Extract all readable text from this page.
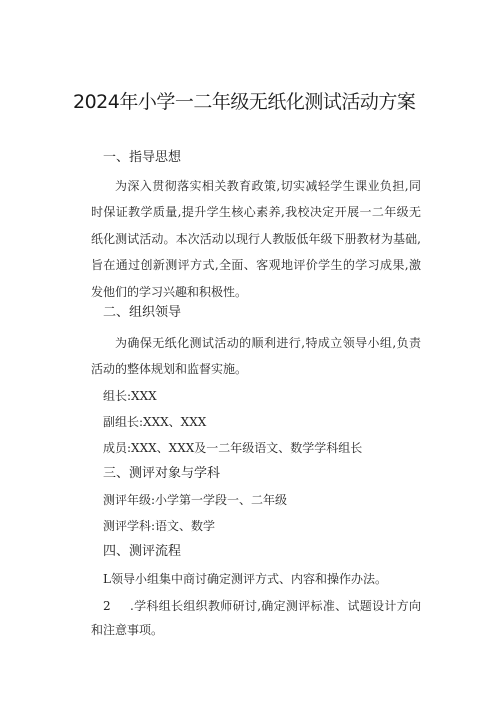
2024年小学一二年级无纸化测试活动方案
一、指导思想
为深入贯彻落实相关教育政策,切实减轻学生课业负担,同时保证教学质量,提升学生核心素养,我校决定开展一二年级无纸化测试活动。本次活动以现行人教版低年级下册教材为基础,旨在通过创新测评方式,全面、客观地评价学生的学习成果,激发他们的学习兴趣和积极性。
二、组织领导
为确保无纸化测试活动的顺利进行,特成立领导小组,负责活动的整体规划和监督实施。
组长:XXX
副组长:XXX、XXX
成员:XXX、XXX及一二年级语文、数学学科组长
三、测评对象与学科
测评年级:小学第一学段一、二年级
测评学科:语文、数学
四、测评流程
L领导小组集中商讨确定测评方式、内容和操作办法。
2 .学科组长组织教师研讨,确定测评标准、试题设计方向和注意事项。
